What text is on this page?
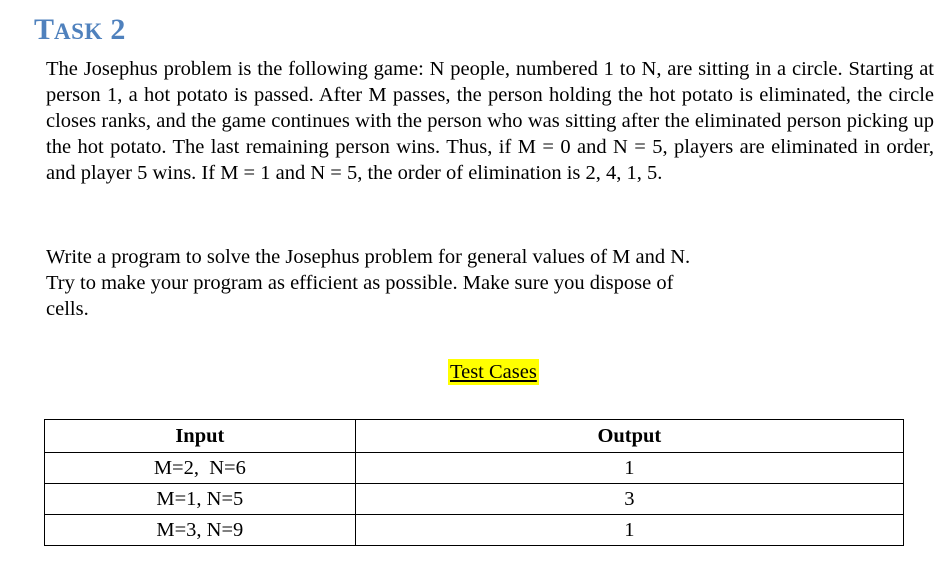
TASK 2
The Josephus problem is the following game: N people, numbered 1 to N, are sitting in a circle. Starting at person 1, a hot potato is passed. After M passes, the person holding the hot potato is eliminated, the circle closes ranks, and the game continues with the person who was sitting after the eliminated person picking up the hot potato. The last remaining person wins. Thus, if M = 0 and N = 5, players are eliminated in order, and player 5 wins. If M = 1 and N = 5, the order of elimination is 2, 4, 1, 5.
Write a program to solve the Josephus problem for general values of M and N.
Try to make your program as efficient as possible. Make sure you dispose of
cells.
Test Cases
Input	Output
M=2,  N=6	1
M=1, N=5	3
M=3, N=9	1
